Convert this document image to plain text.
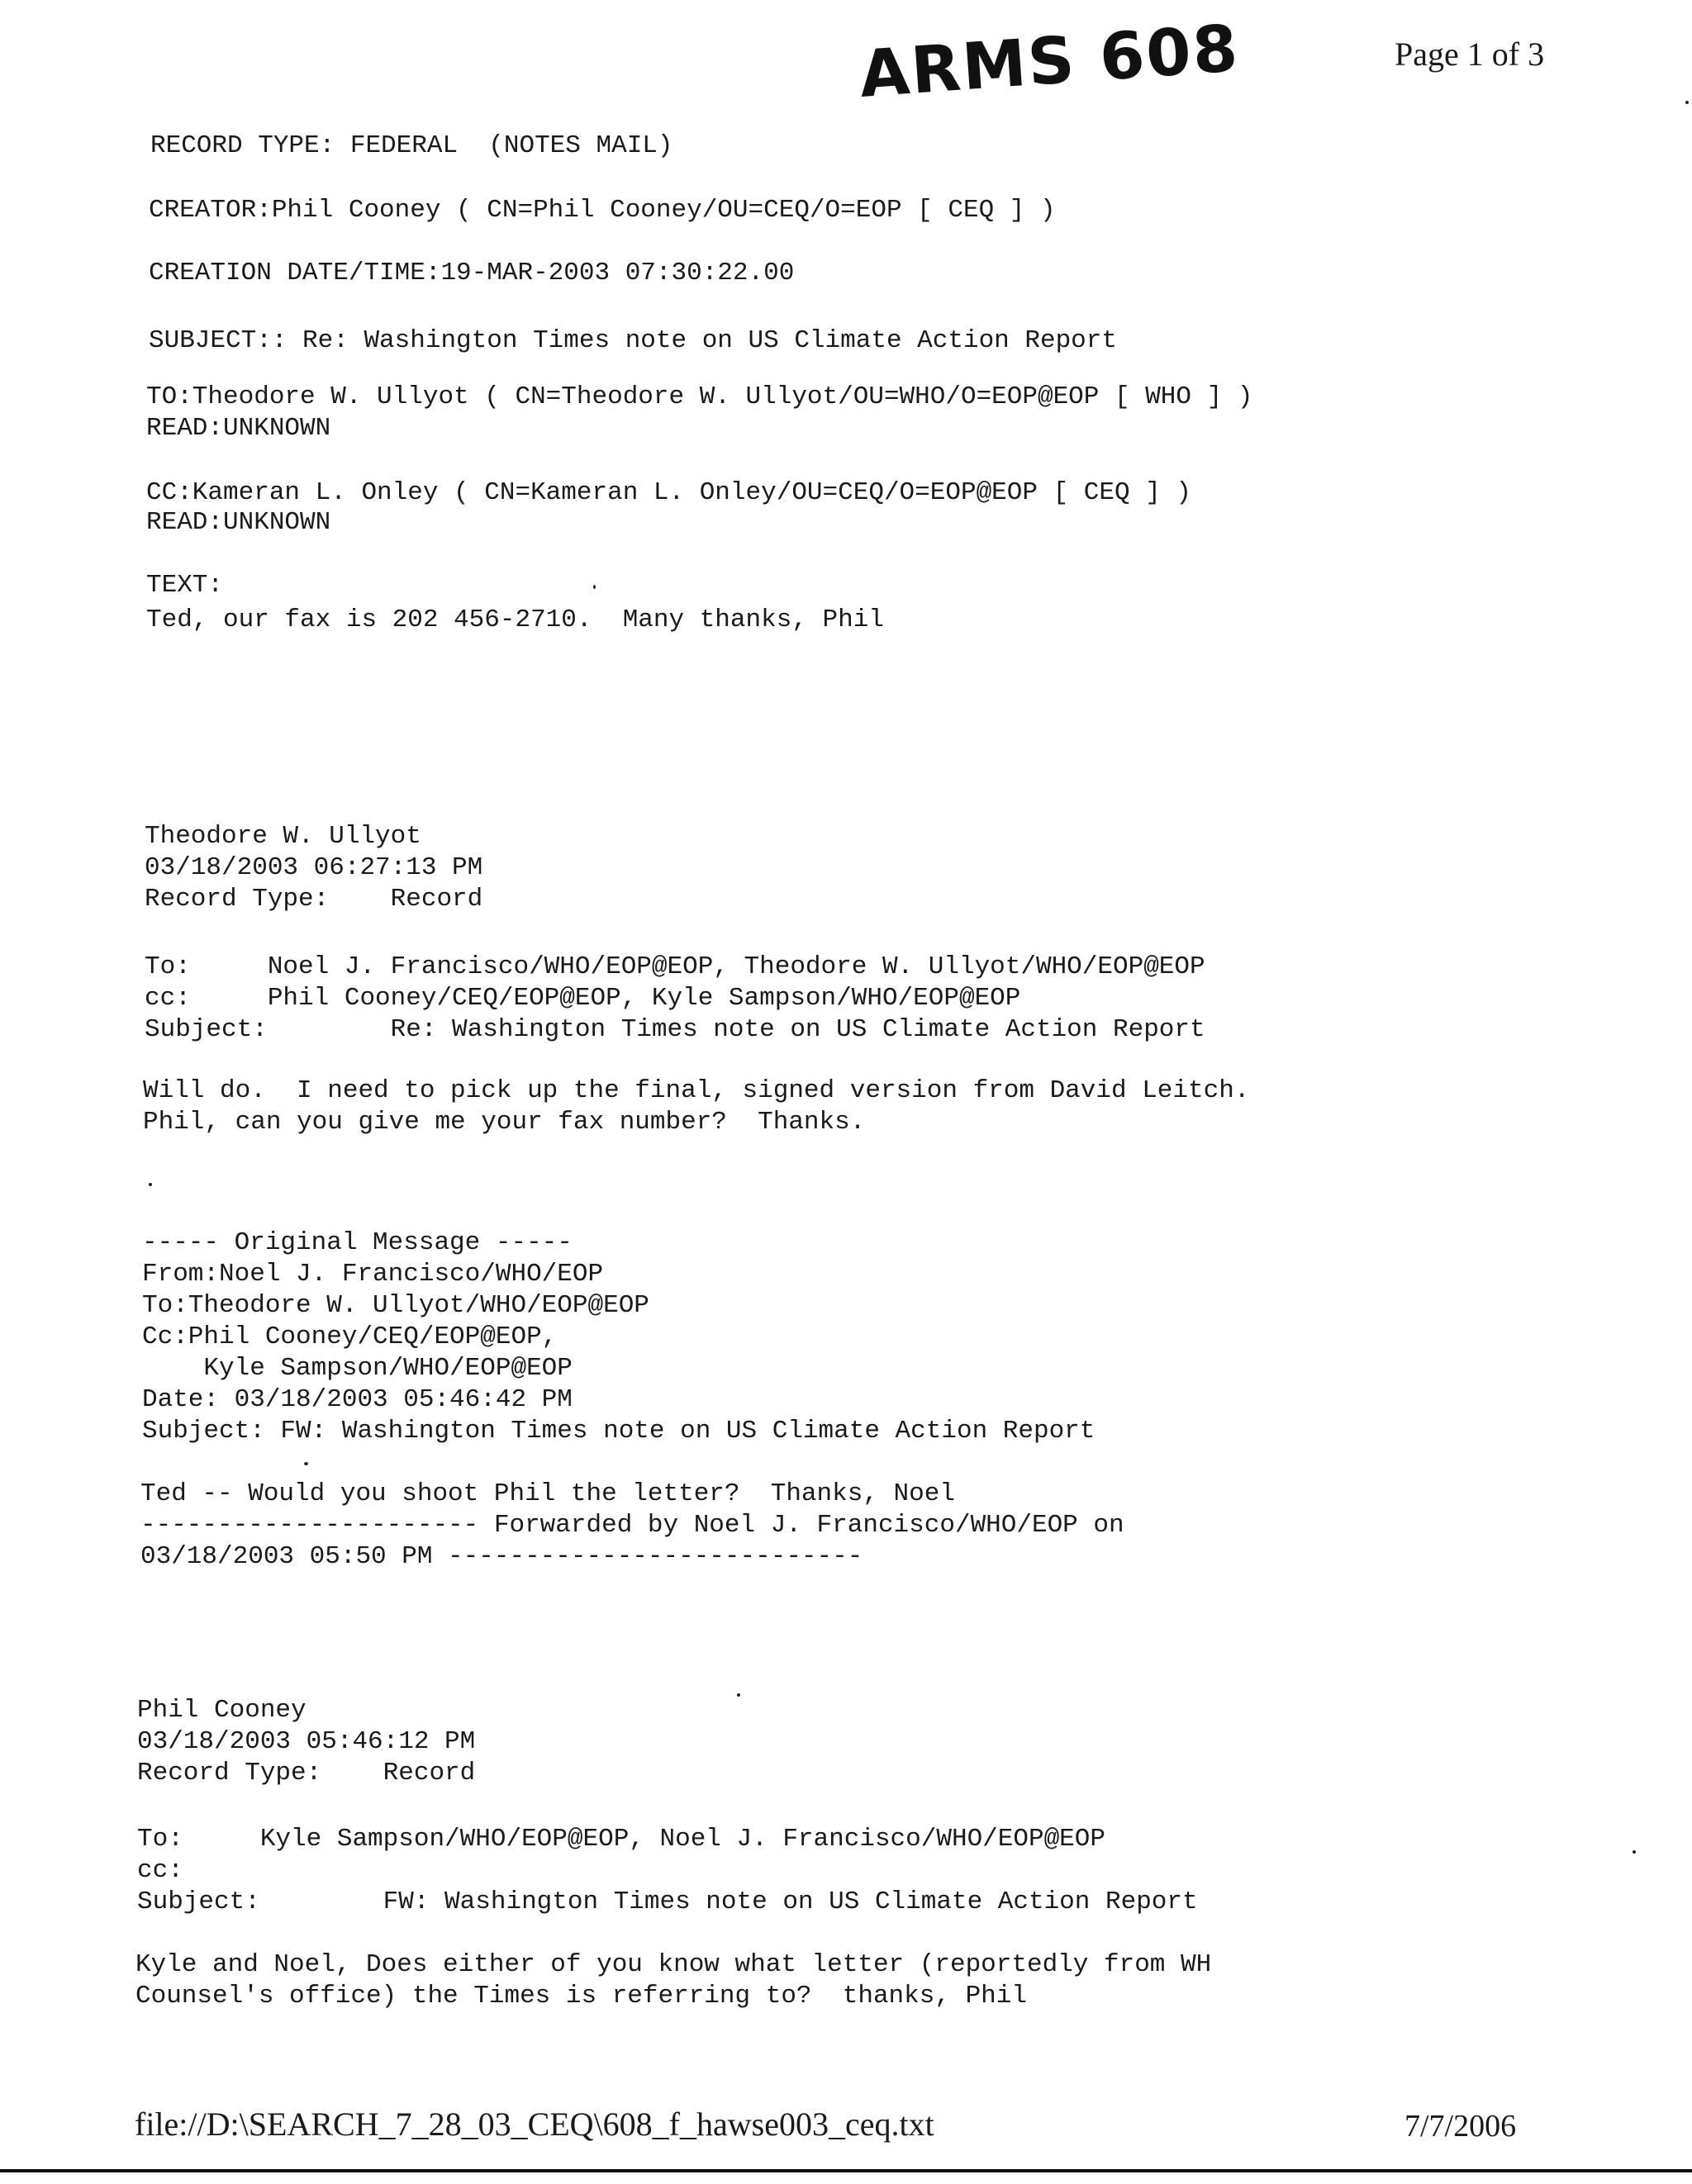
ARMS 608	Page 1 of 3
RECORD TYPE: FEDERAL  (NOTES MAIL)
CREATOR:Phil Cooney ( CN=Phil Cooney/OU=CEQ/O=EOP [ CEQ ] )
CREATION DATE/TIME:19-MAR-2003 07:30:22.00
SUBJECT:: Re: Washington Times note on US Climate Action Report
TO:Theodore W. Ullyot ( CN=Theodore W. Ullyot/OU=WHO/O=EOP@EOP [ WHO ] )
READ:UNKNOWN
CC:Kameran L. Onley ( CN=Kameran L. Onley/OU=CEQ/O=EOP@EOP [ CEQ ] )
READ:UNKNOWN
TEXT:
Ted, our fax is 202 456-2710.  Many thanks, Phil
Theodore W. Ullyot
03/18/2003 06:27:13 PM
Record Type:    Record
To:     Noel J. Francisco/WHO/EOP@EOP, Theodore W. Ullyot/WHO/EOP@EOP
cc:     Phil Cooney/CEQ/EOP@EOP, Kyle Sampson/WHO/EOP@EOP
Subject:        Re: Washington Times note on US Climate Action Report
Will do.  I need to pick up the final, signed version from David Leitch.
Phil, can you give me your fax number?  Thanks.
----- Original Message -----
From:Noel J. Francisco/WHO/EOP
To:Theodore W. Ullyot/WHO/EOP@EOP
Cc:Phil Cooney/CEQ/EOP@EOP,
Kyle Sampson/WHO/EOP@EOP
Date: 03/18/2003 05:46:42 PM
Subject: FW: Washington Times note on US Climate Action Report
Ted -- Would you shoot Phil the letter?  Thanks, Noel
---------------------- Forwarded by Noel J. Francisco/WHO/EOP on
03/18/2003 05:50 PM ---------------------------
Phil Cooney
03/18/2003 05:46:12 PM
Record Type:    Record
To:     Kyle Sampson/WHO/EOP@EOP, Noel J. Francisco/WHO/EOP@EOP
cc:
Subject:        FW: Washington Times note on US Climate Action Report
Kyle and Noel, Does either of you know what letter (reportedly from WH
Counsel's office) the Times is referring to?  thanks, Phil
file://D:\SEARCH_7_28_03_CEQ\608_f_hawse003_ceq.txt	7/7/2006
